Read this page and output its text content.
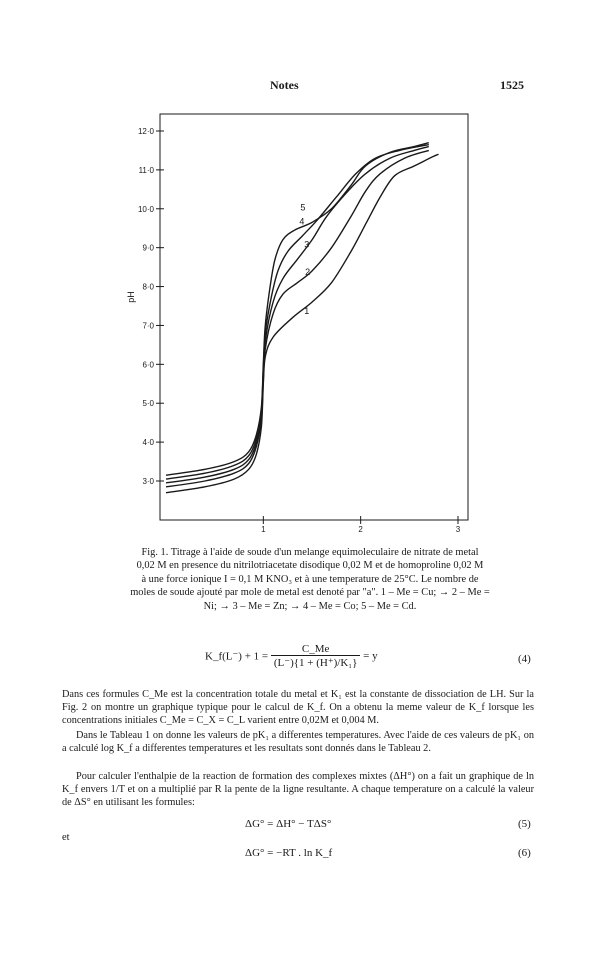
Notes	1525
12·0
11·0
10·0
9·0
8·0
7·0
6·0
5·0
4·0
3·0
1	2	3
pH
1
2
3
4
5
Fig. 1. Titrage à l'aide de soude d'un melange equimoleculaire de nitrate de metal
0,02 M en presence du nitrilotriacetate disodique 0,02 M et de homoproline 0,02 M
à une force ionique I = 0,1 M KNO₃ et à une temperature de 25°C. Le nombre de
moles de soude ajouté par mole de metal est denoté par "a". 1 – Me = Cu; → 2 – Me =
Ni; → 3 – Me = Zn; → 4 – Me = Co; 5 – Me = Cd.
K_f(L⁻) + $1 = \frac{C\_Me}{\text{(L⁻)\{1 + (H⁺)/K₁\}}} = y$	(4)
Dans ces formules C_Me est la concentration totale du metal et K₁ est la constante de dissociation de LH. Sur la Fig. 2 on montre un graphique typique pour le calcul de K_f. On a obtenu la meme valeur de K_f lorsque les concentrations initiales C_Me = C_X = C_L varient entre 0,02M et 0,004 M.
Dans le Tableau 1 on donne les valeurs de pK₁ a differentes temperatures. Avec l'aide de ces valeurs de pK₁ on a calculé log K_f a differentes temperatures et les resultats sont donnés dans le Tableau 2.
Pour calculer l'enthalpie de la reaction de formation des complexes mixtes (ΔH°) on a fait un graphique de ln K_f envers 1/T et on a multiplié par R la pente de la ligne resultante. A chaque temperature on a calculé la valeur de ΔS° en utilisant les formules:
ΔG° = ΔH° − TΔS°	(5)
et
ΔG° = −RT . ln K_f	(6)
